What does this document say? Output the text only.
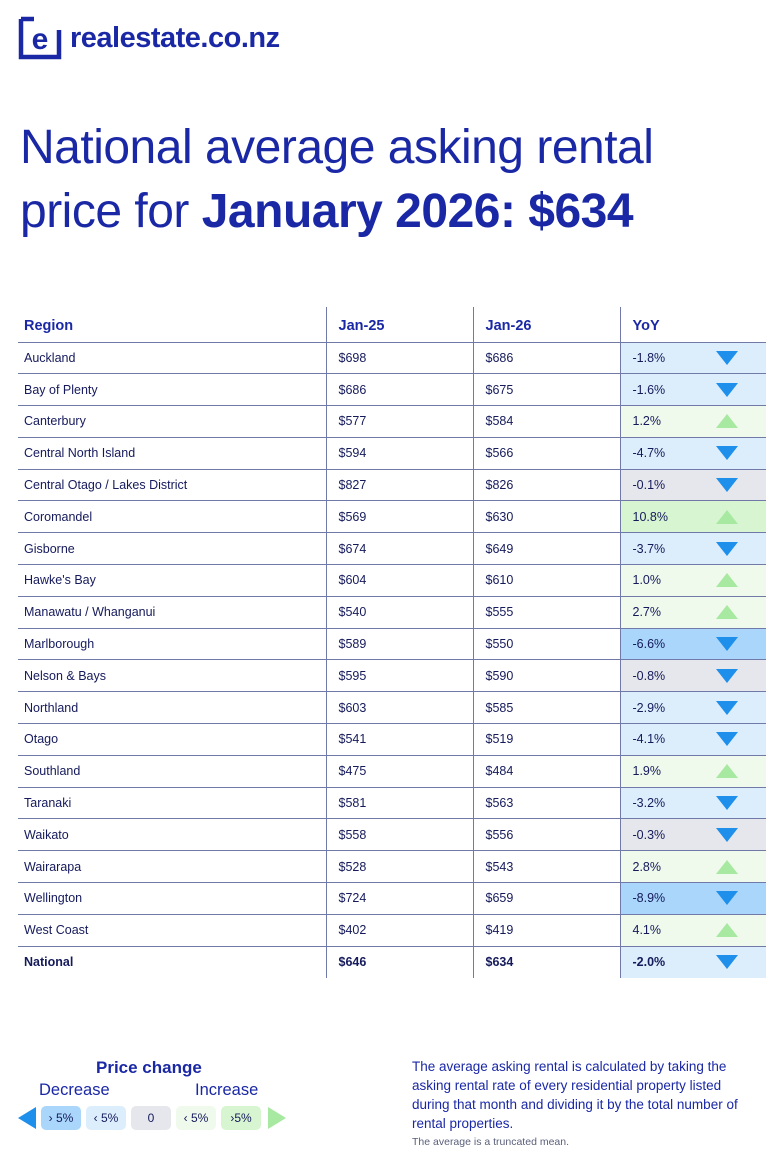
e realestate.co.nz
National average asking rental
price for January 2026: $634
Region	Jan-25	Jan-26	YoY
Auckland	$698	$686	-1.8%

Bay of Plenty	$686	$675	-1.6%

Canterbury	$577	$584	1.2%

Central North Island	$594	$566	-4.7%

Central Otago / Lakes District	$827	$826	-0.1%

Coromandel	$569	$630	10.8%

Gisborne	$674	$649	-3.7%

Hawke's Bay	$604	$610	1.0%

Manawatu / Whanganui	$540	$555	2.7%

Marlborough	$589	$550	-6.6%

Nelson & Bays	$595	$590	-0.8%

Northland	$603	$585	-2.9%

Otago	$541	$519	-4.1%

Southland	$475	$484	1.9%

Taranaki	$581	$563	-3.2%

Waikato	$558	$556	-0.3%

Wairarapa	$528	$543	2.8%

Wellington	$724	$659	-8.9%

West Coast	$402	$419	4.1%

National	$646	$634	-2.0%
Price change
Decrease	Increase
› 5%	‹ 5%	0	‹ 5%	›5%

The average asking rental is calculated by taking the asking rental rate of every residential property listed during that month and dividing it by the total number of rental properties.

The average is a truncated mean.
